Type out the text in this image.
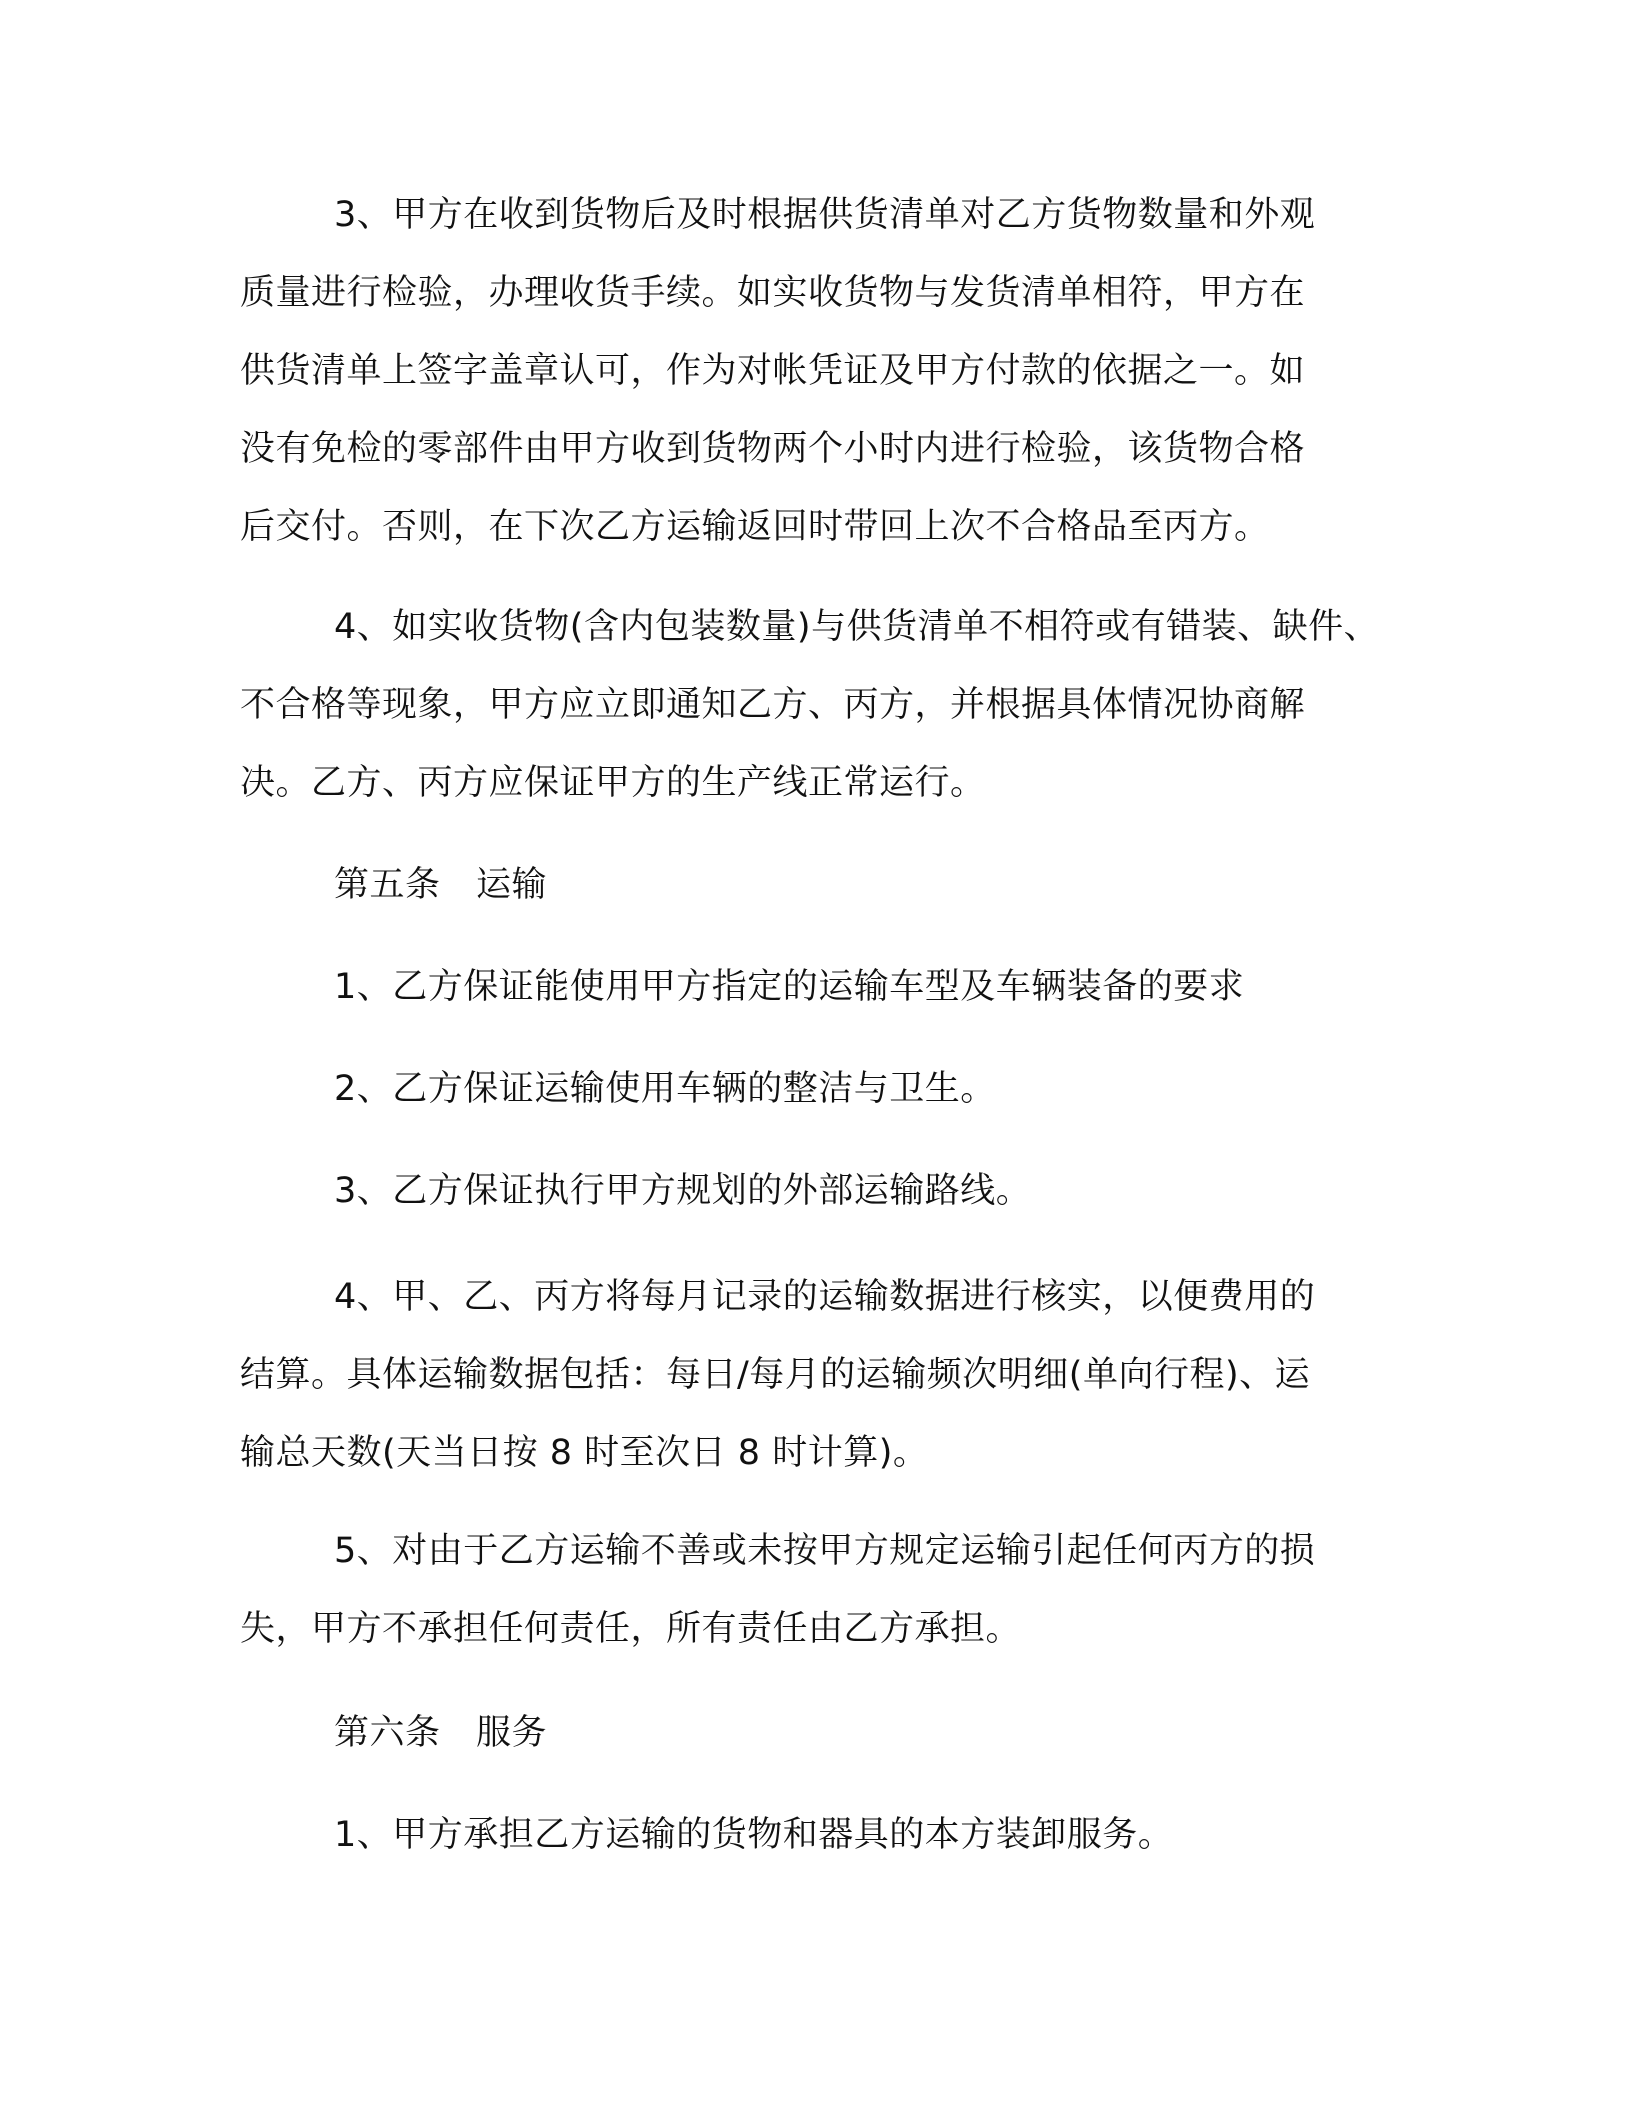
3、甲方在收到货物后及时根据供货清单对乙方货物数量和外观
质量进行检验，办理收货手续。如实收货物与发货清单相符，甲方在
供货清单上签字盖章认可，作为对帐凭证及甲方付款的依据之一。如
没有免检的零部件由甲方收到货物两个小时内进行检验，该货物合格
后交付。否则，在下次乙方运输返回时带回上次不合格品至丙方。

4、如实收货物(含内包装数量)与供货清单不相符或有错装、缺件、
不合格等现象，甲方应立即通知乙方、丙方，并根据具体情况协商解
决。乙方、丙方应保证甲方的生产线正常运行。

第五条　运输

1、乙方保证能使用甲方指定的运输车型及车辆装备的要求

2、乙方保证运输使用车辆的整洁与卫生。

3、乙方保证执行甲方规划的外部运输路线。

4、甲、乙、丙方将每月记录的运输数据进行核实，以便费用的
结算。具体运输数据包括：每日/每月的运输频次明细(单向行程)、运
输总天数(天当日按 8 时至次日 8 时计算)。

5、对由于乙方运输不善或未按甲方规定运输引起任何丙方的损
失，甲方不承担任何责任，所有责任由乙方承担。

第六条　服务

1、甲方承担乙方运输的货物和器具的本方装卸服务。
